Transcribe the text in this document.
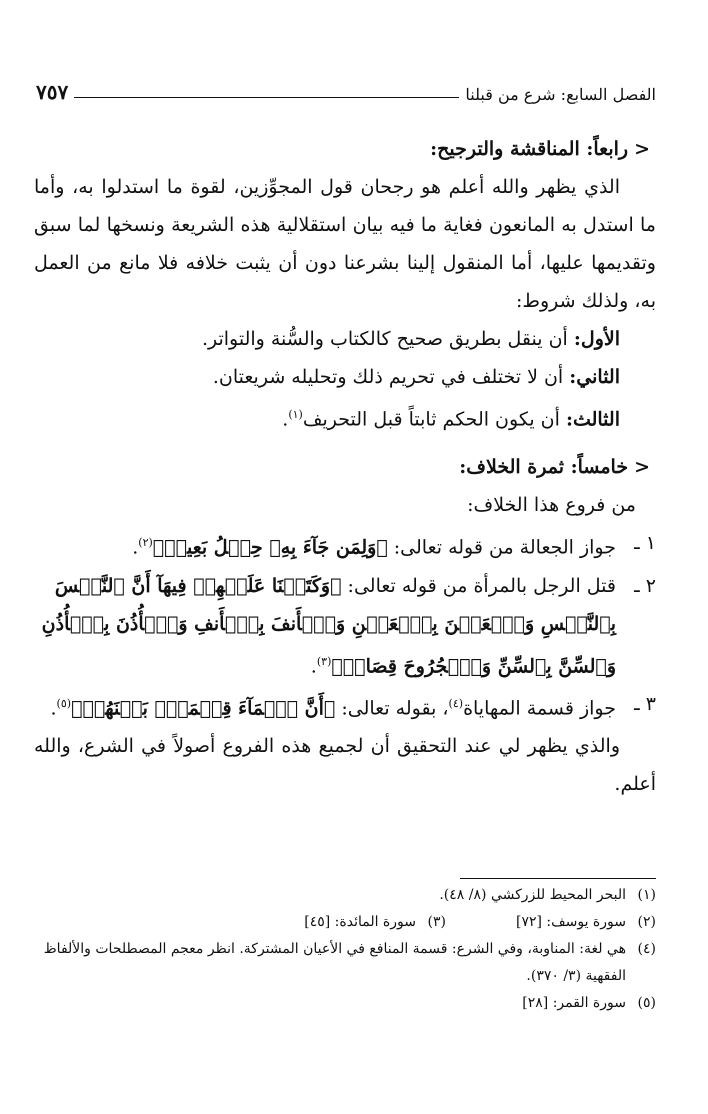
الفصل السابع: شرع من قبلنا
٧٥٧
<رابعاً: المناقشة والترجيح:
الذي يظهر والله أعلم هو رجحان قول المجوِّزين، لقوة ما استدلوا به، وأما ما استدل به المانعون فغاية ما فيه بيان استقلالية هذه الشريعة ونسخها لما سبق وتقديمها عليها، أما المنقول إلينا بشرعنا دون أن يثبت خلافه فلا مانع من العمل به، ولذلك شروط:
الأول: أن ينقل بطريق صحيح كالكتاب والسُّنة والتواتر.
الثاني: أن لا تختلف في تحريم ذلك وتحليله شريعتان.
الثالث: أن يكون الحكم ثابتاً قبل التحريف$^{(١)}$.
<خامساً: ثمرة الخلاف:
من فروع هذا الخلاف:
١ ـ
جواز الجعالة من قوله تعالى: ﴿وَلِمَن جَآءَ بِهِۦ حِمۡلُ بَعِيرٖ﴾$^{(٢)}$.
٢ ـ
قتل الرجل بالمرأة من قوله تعالى: ﴿وَكَتَبۡنَا عَلَيۡهِمۡ فِيهَآ أَنَّ ٱلنَّفۡسَ بِٱلنَّفۡسِ وَٱلۡعَيۡنَ بِٱلۡعَيۡنِ وَٱلۡأَنفَ بِٱلۡأَنفِ وَٱلۡأُذُنَ بِٱلۡأُذُنِ وَٱلسِّنَّ بِٱلسِّنِّ وَٱلۡجُرُوحَ قِصَاصٞ﴾$^{(٣)}$.
٣ ـ
جواز قسمة المهاياة$^{(٤)}$، بقوله تعالى: ﴿أَنَّ ٱلۡمَآءَ قِسۡمَةُۢ بَيۡنَهُمۡ﴾$^{(٥)}$.
والذي يظهر لي عند التحقيق أن لجميع هذه الفروع أصولاً في الشرع، والله أعلم.
(١)
البحر المحيط للزركشي (٨/ ٤٨).
(٢)
سورة يوسف: [٧٢]
(٣)
سورة المائدة: [٤٥]
(٤)
هي لغة: المناوبة، وفي الشرع: قسمة المنافع في الأعيان المشتركة. انظر معجم المصطلحات والألفاظ الفقهية (٣/ ٣٧٠).
(٥)
سورة القمر: [٢٨]
